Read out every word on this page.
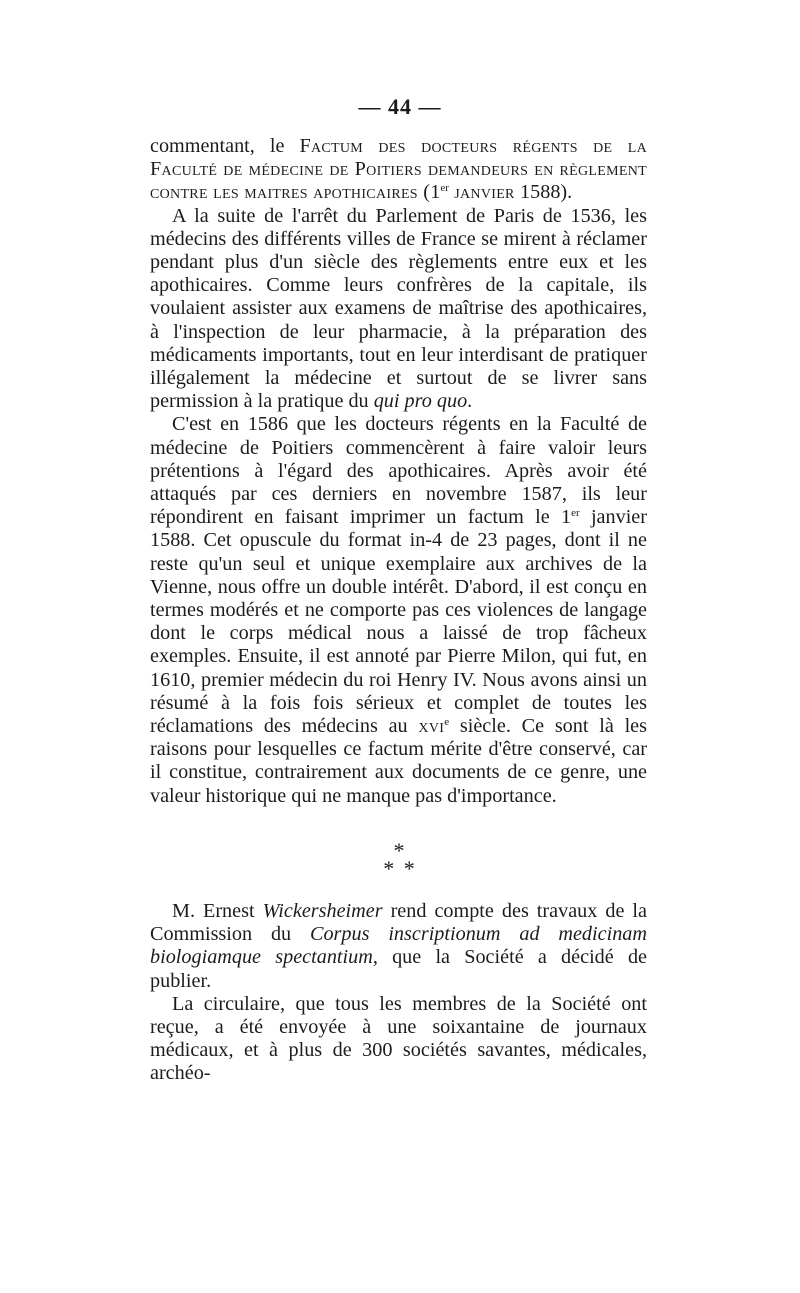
— 44 —

commentant, le Factum des docteurs régents de la Faculté de médecine de Poitiers demandeurs en règlement contre les maitres apothicaires (1er janvier 1588).

A la suite de l'arrêt du Parlement de Paris de 1536, les médecins des différents villes de France se mirent à réclamer pendant plus d'un siècle des règlements entre eux et les apothicaires. Comme leurs confrères de la capitale, ils voulaient assister aux examens de maîtrise des apothicaires, à l'inspection de leur pharmacie, à la préparation des médicaments importants, tout en leur interdisant de pratiquer illégalement la médecine et surtout de se livrer sans permission à la pratique du qui pro quo.

C'est en 1586 que les docteurs régents en la Faculté de médecine de Poitiers commencèrent à faire valoir leurs prétentions à l'égard des apothicaires. Après avoir été attaqués par ces derniers en novembre 1587, ils leur répondirent en faisant imprimer un factum le 1er janvier 1588. Cet opuscule du format in-4 de 23 pages, dont il ne reste qu'un seul et unique exemplaire aux archives de la Vienne, nous offre un double intérêt. D'abord, il est conçu en termes modérés et ne comporte pas ces violences de langage dont le corps médical nous a laissé de trop fâcheux exemples. Ensuite, il est annoté par Pierre Milon, qui fut, en 1610, premier médecin du roi Henry IV. Nous avons ainsi un résumé à la fois fois sérieux et complet de toutes les réclamations des médecins au xvi$^e$ siècle. Ce sont là les raisons pour lesquelles ce factum mérite d'être conservé, car il constitue, contrairement aux documents de ce genre, une valeur historique qui ne manque pas d'importance.

*
* *

M. Ernest Wickersheimer rend compte des travaux de la Commission du Corpus inscriptionum ad medicinam biologiamque spectantium, que la Société a décidé de publier.

La circulaire, que tous les membres de la Société ont reçue, a été envoyée à une soixantaine de journaux médicaux, et à plus de 300 sociétés savantes, médicales, archéo-
